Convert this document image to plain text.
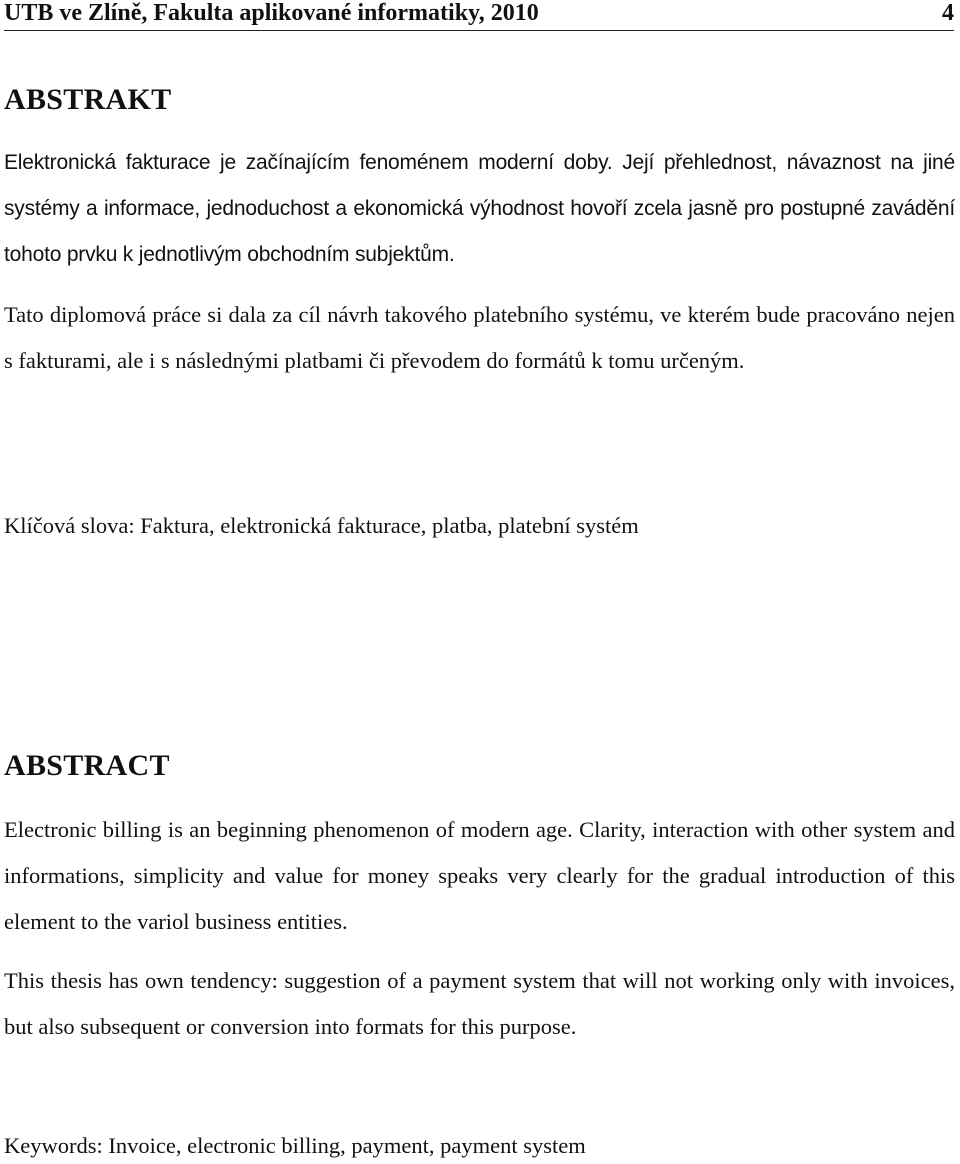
UTB ve Zlíně, Fakulta aplikované informatiky, 2010	4
ABSTRAKT

Elektronická fakturace je začínajícím fenoménem moderní doby. Její přehlednost, návaznost na jiné systémy a informace, jednoduchost a ekonomická výhodnost hovoří zcela jasně pro postupné zavádění tohoto prvku k jednotlivým obchodním subjektům.

Tato diplomová práce si dala za cíl návrh takového platebního systému, ve kterém bude pracováno nejen s fakturami, ale i s následnými platbami či převodem do formátů k tomu určeným.

Klíčová slova: Faktura, elektronická fakturace, platba, platební systém

ABSTRACT

Electronic billing is an beginning phenomenon of modern age. Clarity, interaction with other system and informations, simplicity and value for money speaks very clearly for the gradual introduction of this element to the variol business entities.

This thesis has own tendency: suggestion of a payment system that will not working only with invoices, but also subsequent or conversion into formats for this purpose.

Keywords: Invoice, electronic billing, payment, payment system
